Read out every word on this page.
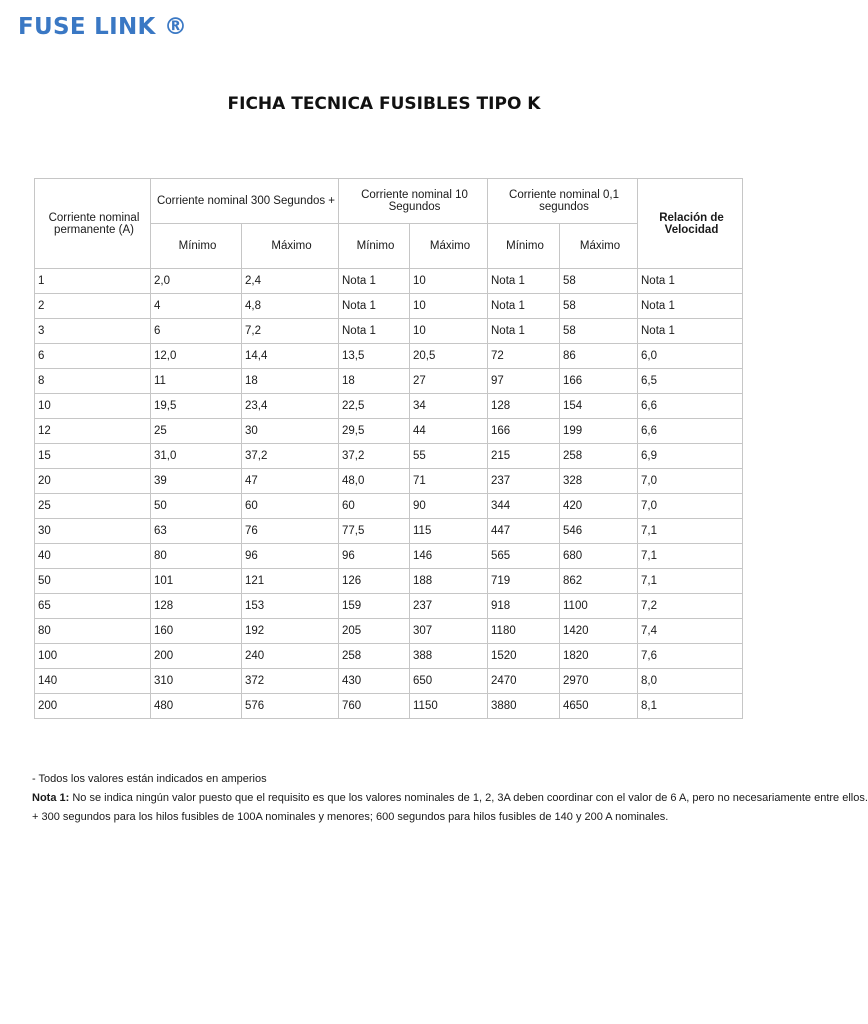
FUSE LINK ®
FICHA TECNICA FUSIBLES TIPO K
Corriente nominal permanente (A)	Corriente nominal 300 Segundos +		Corriente nominal 10 Segundos		Corriente nominal 0,1 segundos		Relación de Velocidad
	Mínimo	Máximo	Mínimo	Máximo	Mínimo	Máximo	
1	2,0	2,4	Nota 1	10	Nota 1	58	Nota 1
2	4	4,8	Nota 1	10	Nota 1	58	Nota 1
3	6	7,2	Nota 1	10	Nota 1	58	Nota 1
6	12,0	14,4	13,5	20,5	72	86	6,0
8	11	18	18	27	97	166	6,5
10	19,5	23,4	22,5	34	128	154	6,6
12	25	30	29,5	44	166	199	6,6
15	31,0	37,2	37,2	55	215	258	6,9
20	39	47	48,0	71	237	328	7,0
25	50	60	60	90	344	420	7,0
30	63	76	77,5	115	447	546	7,1
40	80	96	96	146	565	680	7,1
50	101	121	126	188	719	862	7,1
65	128	153	159	237	918	1100	7,2
80	160	192	205	307	1180	1420	7,4
100	200	240	258	388	1520	1820	7,6
140	310	372	430	650	2470	2970	8,0
200	480	576	760	1150	3880	4650	8,1

- Todos los valores están indicados en amperios

Nota 1: No se indica ningún valor puesto que el requisito es que los valores nominales de 1, 2, 3A deben coordinar con el valor de 6 A, pero no necesariamente entre ellos.

+ 300 segundos para los hilos fusibles de 100A nominales y menores; 600 segundos para hilos fusibles de 140 y 200 A nominales.
